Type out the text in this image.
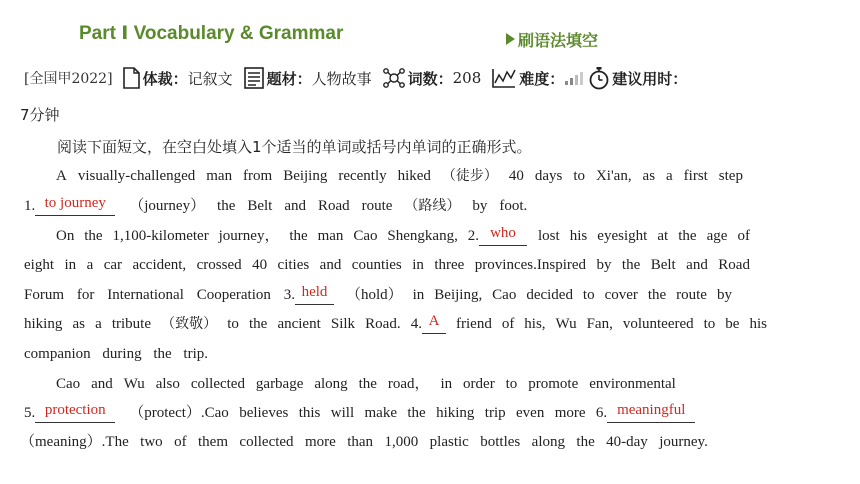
Part Ⅰ Vocabulary & Grammar	刷语法填空
[全国甲2022] 体裁： 记叙文 题材： 人物故事 词数： 208	难度：	建议用时：
7分钟
阅读下面短文，在空白处填入1个适当的单词或括号内单词的正确形式。
A visually-challenged man from Beijing recently hiked （徒步） 40 days to Xi'an, as a first step
1. to journey	（journey） the Belt and Road route （路线） by foot.
On the 1,100-kilometer journey， the man Cao Shengkang, 2. who	lost his eyesight at the age of
eight in a car accident, crossed 40 cities and counties in three provinces.Inspired by the Belt and Road
Forum for International Cooperation 3. held	（hold） in Beijing, Cao decided to cover the route by
hiking as a tribute （致敬） to the ancient Silk Road. 4. A	friend of his, Wu Fan, volunteered to be his
companion during the trip.
Cao and Wu also collected garbage along the road， in order to promote environmental
5. protection	（protect）.Cao believes this will make the hiking trip even more 6. meaningful
（meaning）.The two of them collected more than 1,000 plastic bottles along the 40-day journey.
